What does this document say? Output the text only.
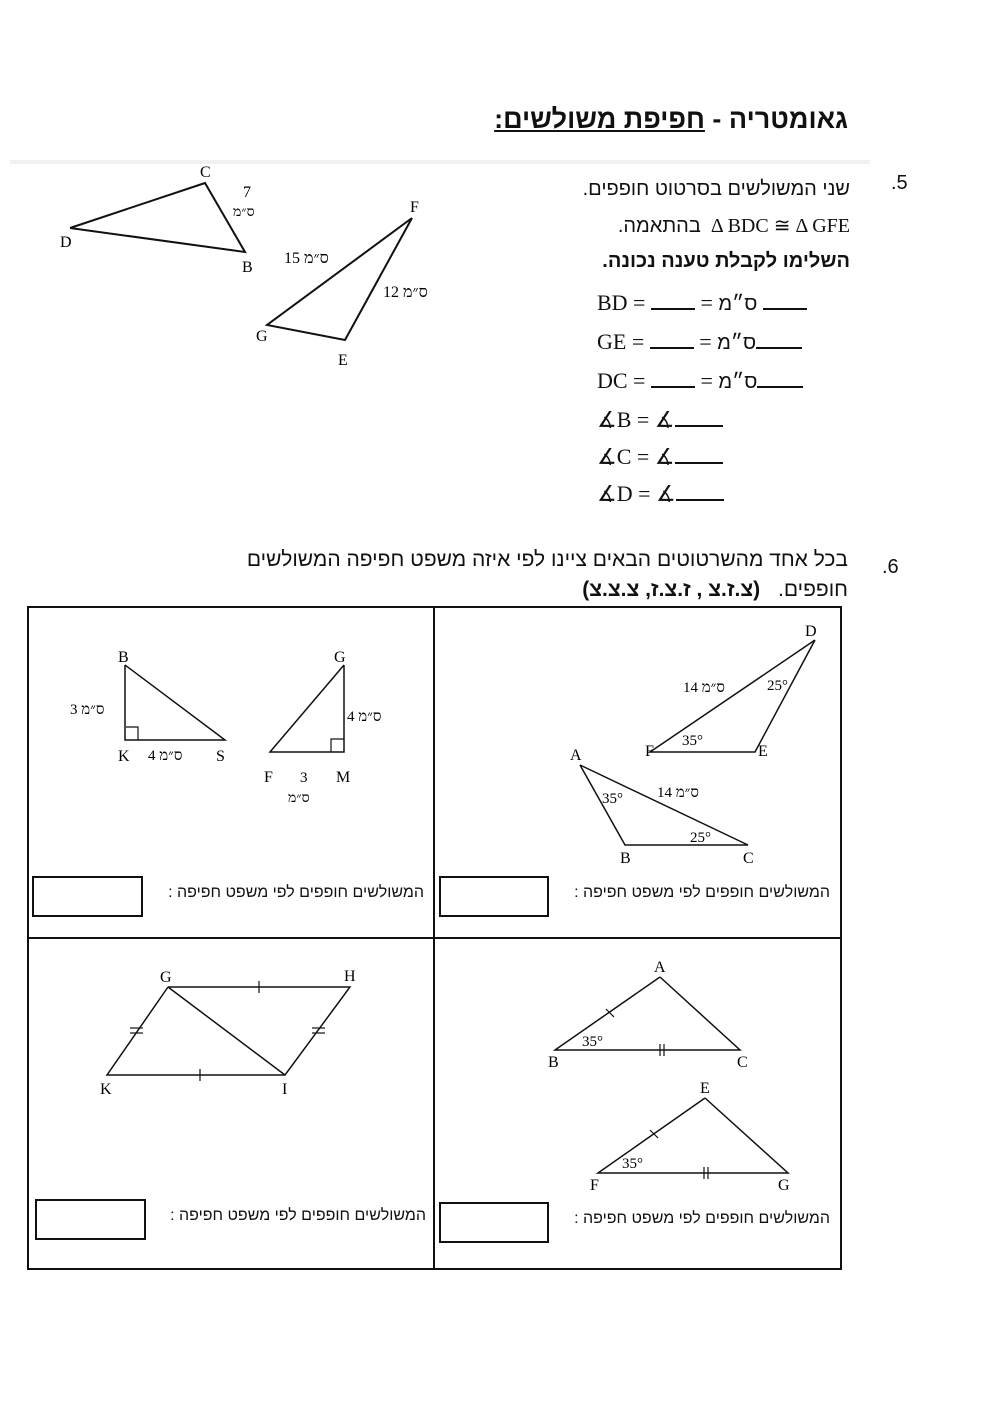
גאומטריה - חפיפת משולשים:
.5
שני המשולשים בסרטוט חופפים.
Δ BDC ≅ Δ GFEבהתאמה.
השלימו לקבלת טענה נכונה.
BD =  = ס״מ
GE =  = ס״מ
DC =  = ס״מ
∡B = ∡
∡C = ∡
∡D = ∡
C
D
B
F
G
E
7
ס״מ
15 ס״מ
12 ס״מ
.6
בכל אחד מהשרטוטים הבאים ציינו לפי איזה משפט חפיפה המשולשים
חופפים. (צ.ז.צ , ז.צ.ז, צ.צ.צ)
D
F	E
A
B	C
14 ס״מ
14 ס״מ
25°
35°
35°
25°
המשולשים חופפים לפי משפט חפיפה :
B
K	S
G
F	M
3 ס״מ
4 ס״מ
4 ס״מ
3
ס״מ
המשולשים חופפים לפי משפט חפיפה :
A
B	C
E
F	G
35°
35°
המשולשים חופפים לפי משפט חפיפה :
G	H
K	I
המשולשים חופפים לפי משפט חפיפה :
